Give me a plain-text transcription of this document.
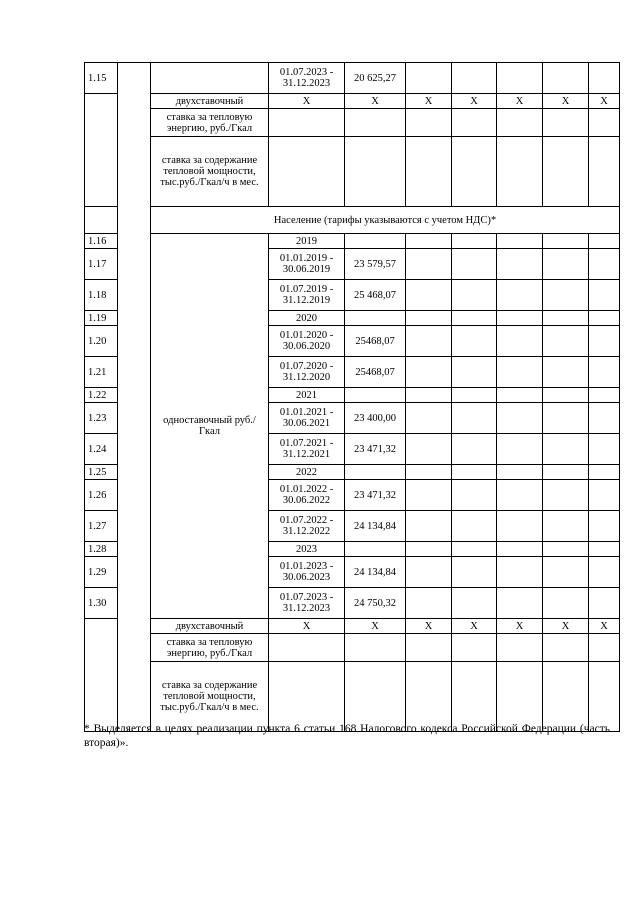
1.15			01.07.2023 - 31.12.2023	20 625,27					
		двухставочный	X	X	X	X	X	X	X
		ставка за тепловую энергию, руб./Гкал							
		ставка за содержание тепловой мощности, тыс.руб./Гкал/ч в мес.							
		Население (тарифы указываются с учетом НДС)*							
1.16		одноставочный руб./Гкал	2019						
1.17			01.01.2019 - 30.06.2019	23 579,57					
1.18			01.07.2019 - 31.12.2019	25 468,07					
1.19			2020						
1.20			01.01.2020 - 30.06.2020	25468,07					
1.21			01.07.2020 - 31.12.2020	25468,07					
1.22			2021						
1.23			01.01.2021 - 30.06.2021	23 400,00					
1.24			01.07.2021 - 31.12.2021	23 471,32					
1.25			2022						
1.26			01.01.2022 - 30.06.2022	23 471,32					
1.27			01.07.2022 - 31.12.2022	24 134,84					
1.28			2023						
1.29			01.01.2023 - 30.06.2023	24 134,84					
1.30			01.07.2023 - 31.12.2023	24 750,32					
		двухставочный	X	X	X	X	X	X	X
		ставка за тепловую энергию, руб./Гкал							
		ставка за содержание тепловой мощности, тыс.руб./Гкал/ч в мес.							

* Выделяется в целях реализации пункта 6 статьи 168 Налогового кодекса Российской Федерации (часть вторая)».
